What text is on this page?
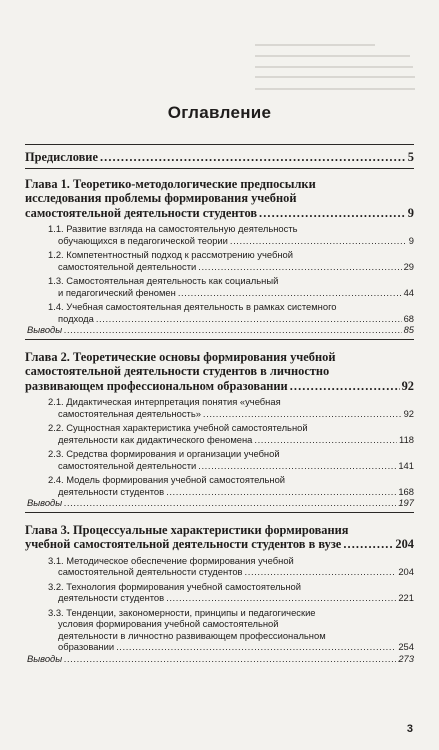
Оглавление
Предисловие . . .	5
Глава 1. Теоретико-методологические предпосылки
исследования проблемы формирования учебной
самостоятельной деятельности студентов . . .	9
1.1. Развитие взгляда на самостоятельную деятельность
обучающихся в педагогической теории . . .	9
1.2. Компетентностный подход к рассмотрению учебной
самостоятельной деятельности . . .	29
1.3. Самостоятельная деятельность как социальный
и педагогический феномен . . .	44
1.4. Учебная самостоятельная деятельность в рамках системного
подхода . . .	68
Выводы . . .	85
Глава 2. Теоретические основы формирования учебной
самостоятельной деятельности студентов в личностно
развивающем профессиональном образовании . . .	92
2.1. Дидактическая интерпретация понятия «учебная
самостоятельная деятельность» . . .	92
2.2. Сущностная характеристика учебной самостоятельной
деятельности как дидактического феномена . . .	118
2.3. Средства формирования и организации учебной
самостоятельной деятельности . . .	141
2.4. Модель формирования учебной самостоятельной
деятельности студентов . . .	168
Выводы . . .	197
Глава 3. Процессуальные характеристики формирования
учебной самостоятельной деятельности студентов в вузе . . .	204
3.1. Методическое обеспечение формирования учебной
самостоятельной деятельности студентов . . .	204
3.2. Технология формирования учебной самостоятельной
деятельности студентов . . .	221
3.3. Тенденции, закономерности, принципы и педагогические
условия формирования учебной самостоятельной
деятельности в личностно развивающем профессиональном
образовании . . .	254
Выводы . . .	273
3
